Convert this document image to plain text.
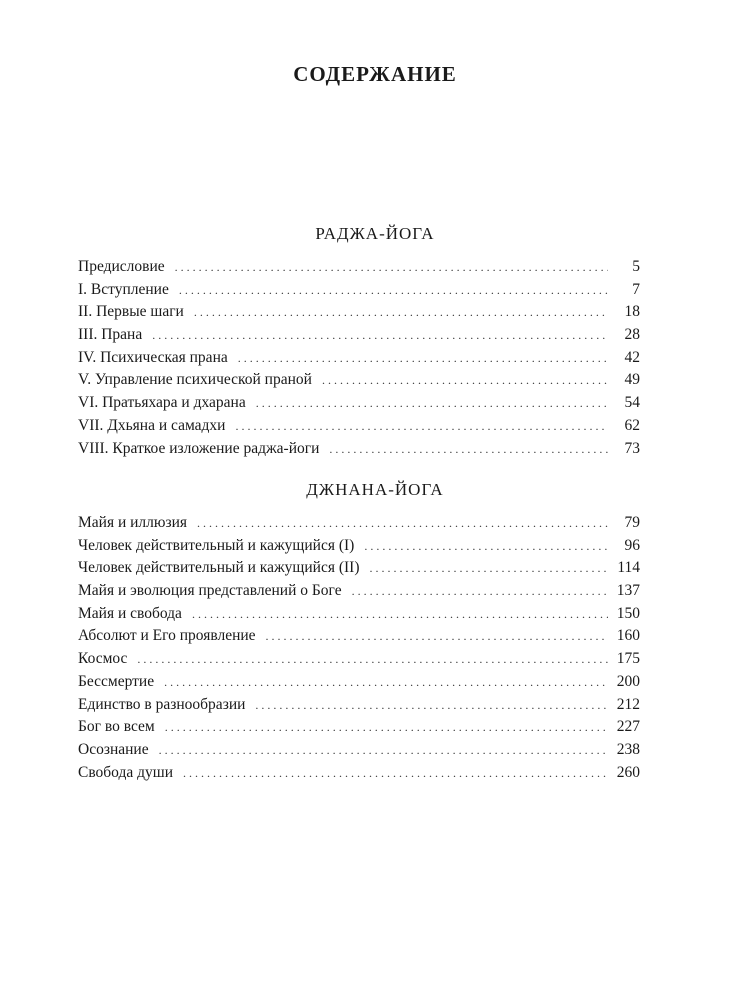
СОДЕРЖАНИЕ
РАДЖА-ЙОГА
Предисловие . . .	5
I. Вступление . . .	7
II. Первые шаги . . .	18
III. Прана . . .	28
IV. Психическая прана . . .	42
V. Управление психической праной . . .	49
VI. Пратьяхара и дхарана . . .	54
VII. Дхьяна и самадхи . . .	62
VIII. Краткое изложение раджа-йоги . . .	73
ДЖНАНА-ЙОГА
Майя и иллюзия . . .	79
Человек действительный и кажущийся (I) . . .	96
Человек действительный и кажущийся (II) . . .	114
Майя и эволюция представлений о Боге . . .	137
Майя и свобода . . .	150
Абсолют и Его проявление . . .	160
Космос . . .	175
Бессмертие . . .	200
Единство в разнообразии . . .	212
Бог во всем . . .	227
Осознание . . .	238
Свобода души . . .	260
